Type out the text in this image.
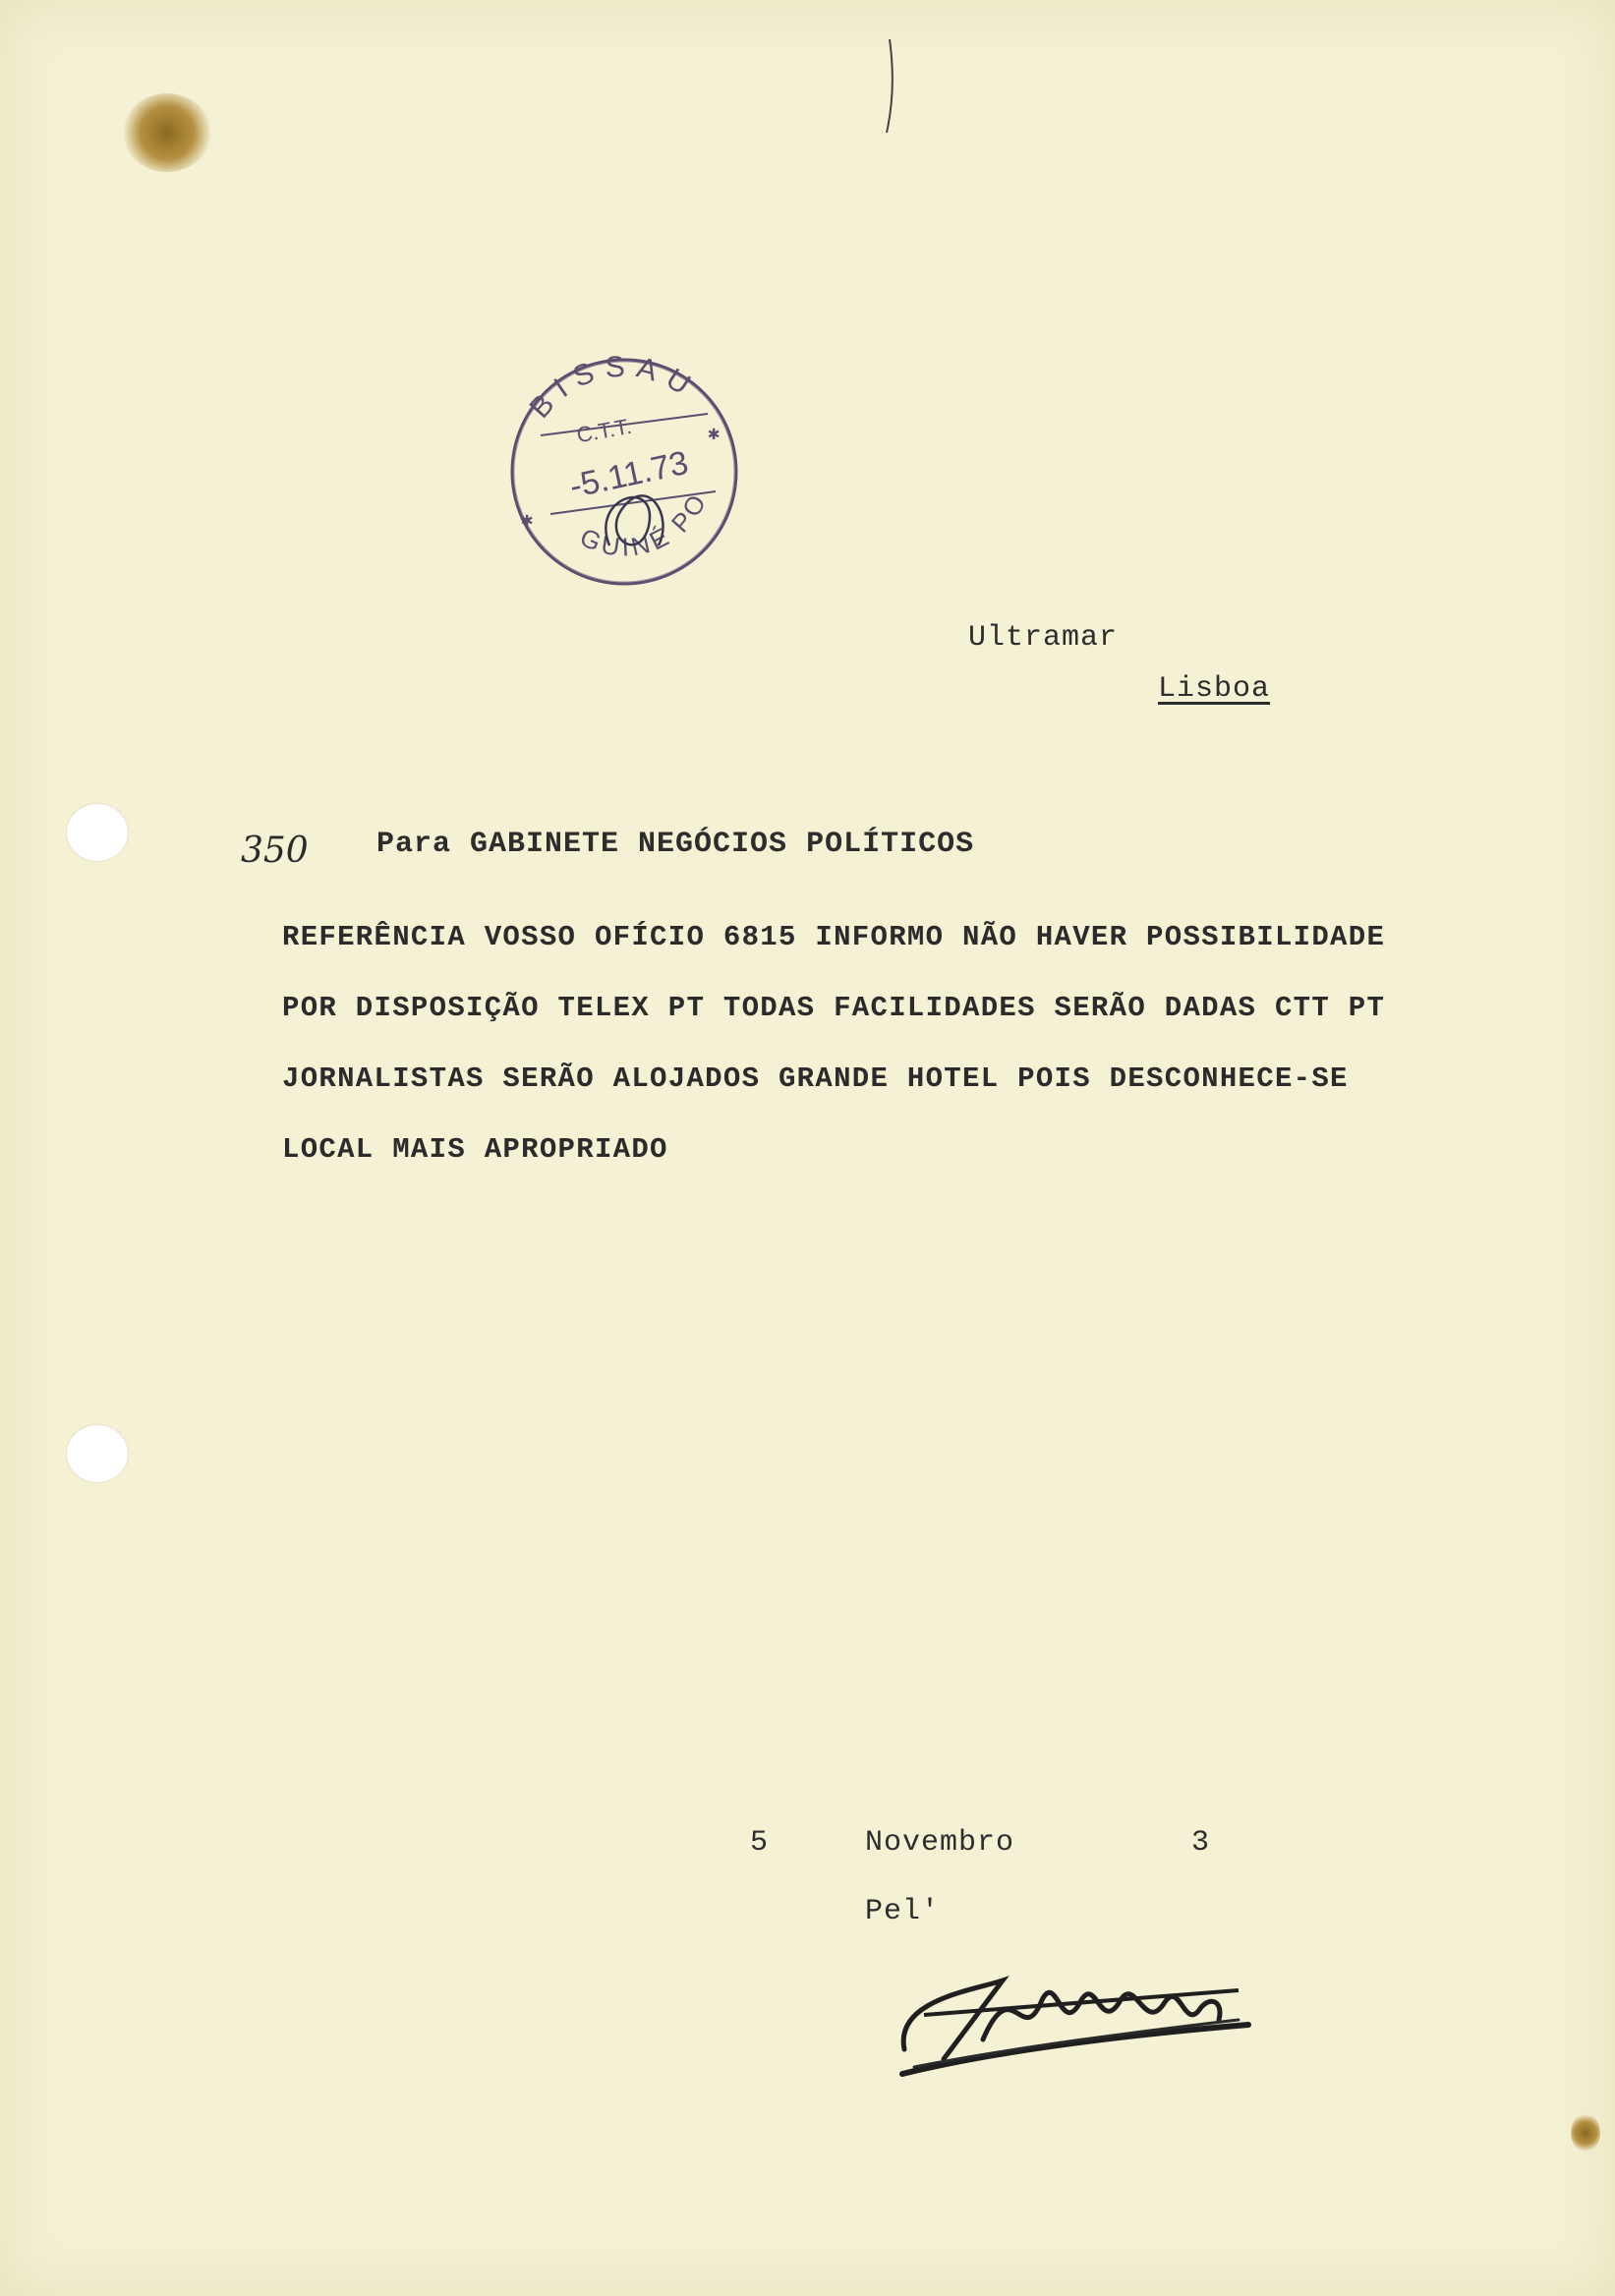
BISSAU
GUINÉ PORT.
C.T.T.
-5.11.73
✱
✱
Ultramar
Lisboa
350 Para GABINETE NEGÓCIOS POLÍTICOS
REFERÊNCIA VOSSO OFÍCIO 6815 INFORMO NÃO HAVER POSSIBILIDADE
POR DISPOSIÇÃO TELEX PT TODAS FACILIDADES SERÃO DADAS CTT PT
JORNALISTAS SERÃO ALOJADOS GRANDE HOTEL POIS DESCONHECE-SE
LOCAL MAIS APROPRIADO
5	Novembro	3
Pel'
